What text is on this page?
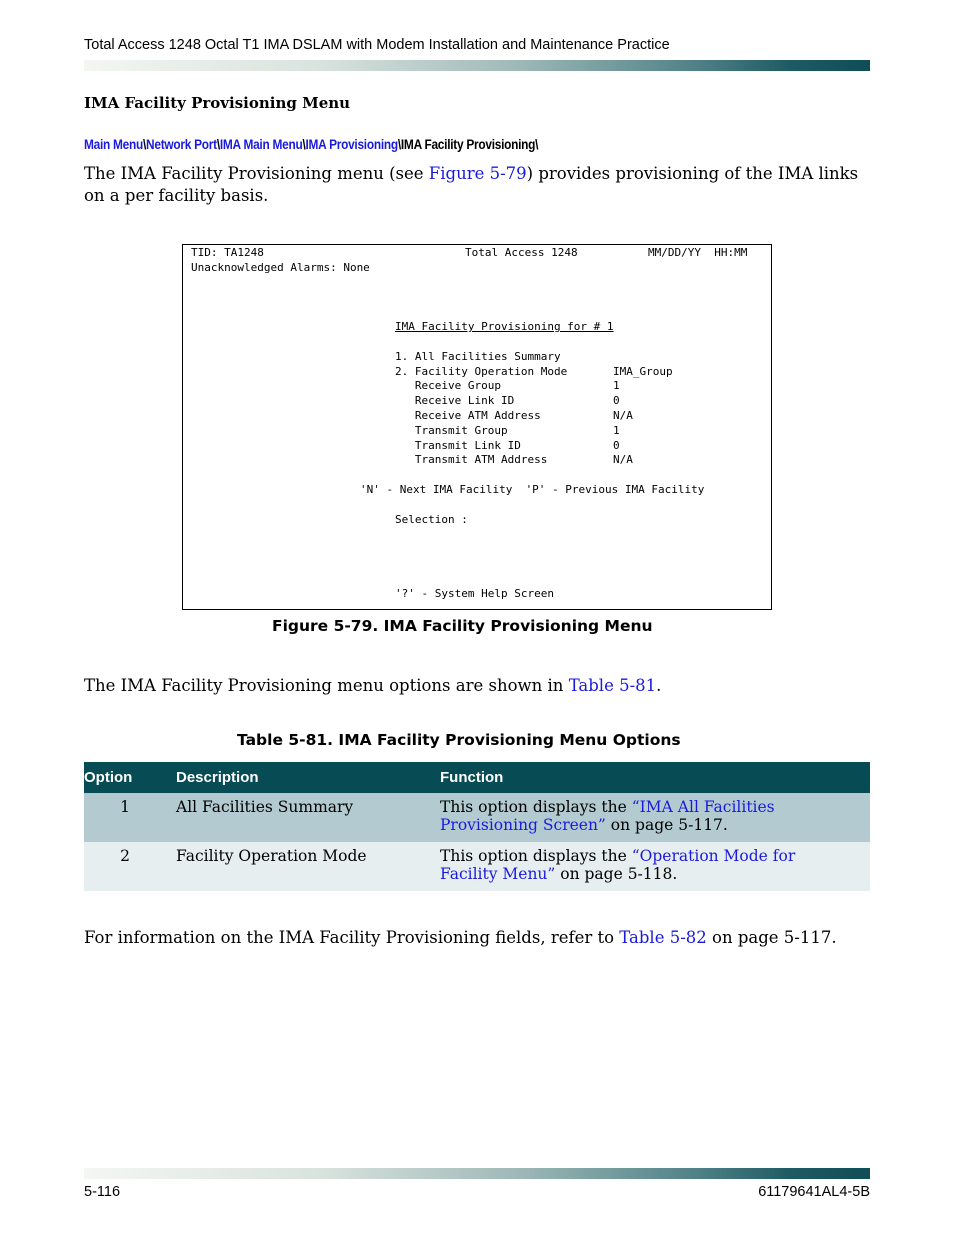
Total Access 1248 Octal T1 IMA DSLAM with Modem Installation and Maintenance Practice
IMA Facility Provisioning Menu
Main Menu\Network Port\IMA Main Menu\IMA Provisioning\IMA Facility Provisioning\
The IMA Facility Provisioning menu (see Figure 5-79) provides provisioning of the IMA links on a per facility basis.
TID: TA1248	Total Access 1248	MM/DD/YY  HH:MM
Unacknowledged Alarms: None
IMA Facility Provisioning for # 1
1. All Facilities Summary
2. Facility Operation Mode	IMA_Group
Receive Group	1
Receive Link ID	0
Receive ATM Address	N/A
Transmit Group	1
Transmit Link ID	0
Transmit ATM Address	N/A
'N' - Next IMA Facility  'P' - Previous IMA Facility
Selection :
'?' - System Help Screen
Figure 5-79. IMA Facility Provisioning Menu
The IMA Facility Provisioning menu options are shown in Table 5-81.
Table 5-81. IMA Facility Provisioning Menu Options
Option	Description	Function
1	All Facilities Summary	This option displays the “IMA All Facilities Provisioning Screen” on page 5-117.
2	Facility Operation Mode	This option displays the “Operation Mode for Facility Menu” on page 5-118.
For information on the IMA Facility Provisioning fields, refer to Table 5-82 on page 5-117.
5-116	61179641AL4-5B
